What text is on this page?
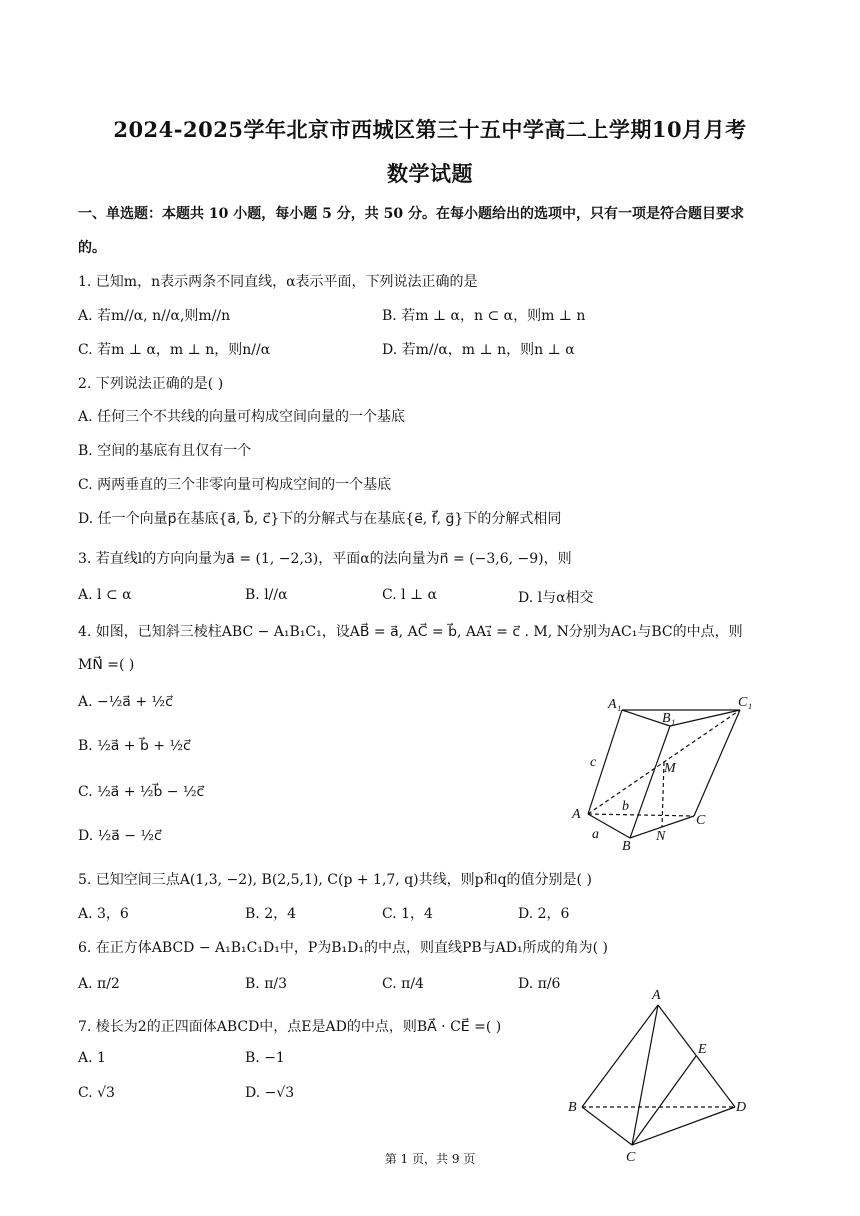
2024-2025学年北京市西城区第三十五中学高二上学期10月月考
数学试题
一、单选题：本题共 10 小题，每小题 5 分，共 50 分。在每小题给出的选项中，只有一项是符合题目要求
的。
1. 已知m，n表示两条不同直线，α表示平面，下列说法正确的是
A. 若m//α, n//α,则m//n	B. 若m ⊥ α，n ⊂ α，则m ⊥ n
C. 若m ⊥ α，m ⊥ n，则n//α	D. 若m//α，m ⊥ n，则n ⊥ α
2. 下列说法正确的是( )
A. 任何三个不共线的向量可构成空间向量的一个基底
B. 空间的基底有且仅有一个
C. 两两垂直的三个非零向量可构成空间的一个基底
D. 任一个向量p⃗在基底{a⃗, b⃗, c⃗}下的分解式与在基底{e⃗, f⃗, g⃗}下的分解式相同
3. 若直线l的方向向量为a⃗ = (1, −2,3)，平面α的法向量为n⃗ = (−3,6, −9)，则
A. l ⊂ α	B. l//α	C. l ⊥ α	D. l与α相交
4. 如图，已知斜三棱柱ABC − A₁B₁C₁，设AB⃗ = a⃗, AC⃗ = b⃗, AA₁⃗ = c⃗ . M, N分别为AC₁与BC的中点，则
MN⃗ =( )
A. −½a⃗ + ½c⃗
B. ½a⃗ + b⃗ + ½c⃗
C. ½a⃗ + ½b⃗ − ½c⃗
D. ½a⃗ − ½c⃗
A₁
B₁
C₁
A
B
C
M
N
a⃗
b⃗
c⃗
5. 已知空间三点A(1,3, −2), B(2,5,1), C(p + 1,7, q)共线，则p和q的值分别是( )
A. 3，6	B. 2，4	C. 1，4	D. 2，6
6. 在正方体ABCD − A₁B₁C₁D₁中，P为B₁D₁的中点，则直线PB与AD₁所成的角为( )
A. π/2	B. π/3	C. π/4	D. π/6
7. 棱长为2的正四面体ABCD中，点E是AD的中点，则BA⃗ · CE⃗ =( )
A. 1	B. −1
C. √3	D. −√3
A
B
C
D
E
第 1 页，共 9 页
